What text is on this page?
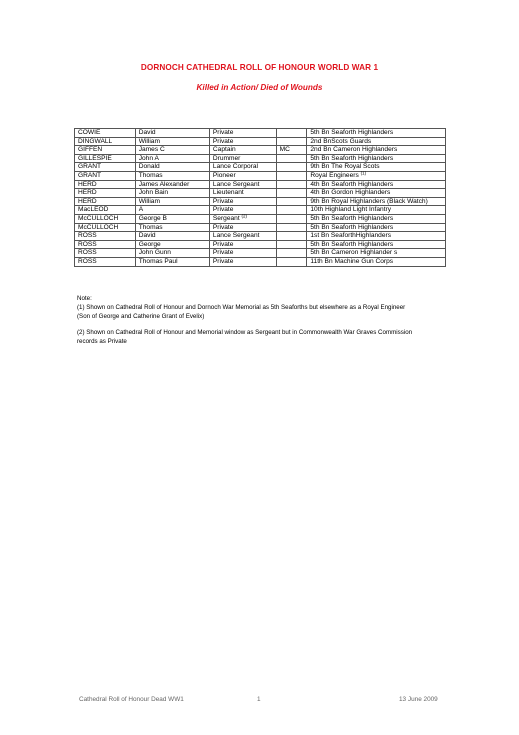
DORNOCH CATHEDRAL ROLL OF HONOUR WORLD WAR 1
Killed in Action/ Died of Wounds
COWIE	David	Private		5th Bn Seaforth Highlanders
DINGWALL	William	Private		2nd BnScots Guards
GIFFEN	James C	Captain	MC	2nd Bn Cameron Highlanders
GILLESPIE	John A	Drummer		5th Bn Seaforth Highlanders
GRANT	Donald	Lance Corporal		9th Bn The Royal Scots
GRANT	Thomas	Pioneer		Royal Engineers $^{(1)}$
HERD	James Alexander	Lance Sergeant		4th Bn Seaforth Highlanders
HERD	John Bain	Lieutenant		4th Bn Gordon Highlanders
HERD	William	Private		9th Bn Royal Highlanders (Black Watch)
MacLEOD	A	Private		10th Highland Light Infantry
McCULLOCH	George B	Sergeant $^{(2)}$		5th Bn Seaforth Highlanders
McCULLOCH	Thomas	Private		5th Bn Seaforth Highlanders
ROSS	David	Lance Sergeant		1st Bn SeaforthHighlanders
ROSS	George	Private		5th Bn Seaforth Highlanders
ROSS	John Gunn	Private		5th Bn Cameron Highlander s
ROSS	Thomas Paul	Private		11th Bn Machine Gun Corps

Note:

(1) Shown on Cathedral Roll of Honour and Dornoch War Memorial as 5th Seaforths but elsewhere as a Royal Engineer

(Son of George and Catherine Grant of Evelix)

(2) Shown on Cathedral Roll of Honour and Memorial window as Sergeant but in Commonwealth War Graves Commission

records as Private

Cathedral Roll of Honour Dead WW1	1	13 June 2009
